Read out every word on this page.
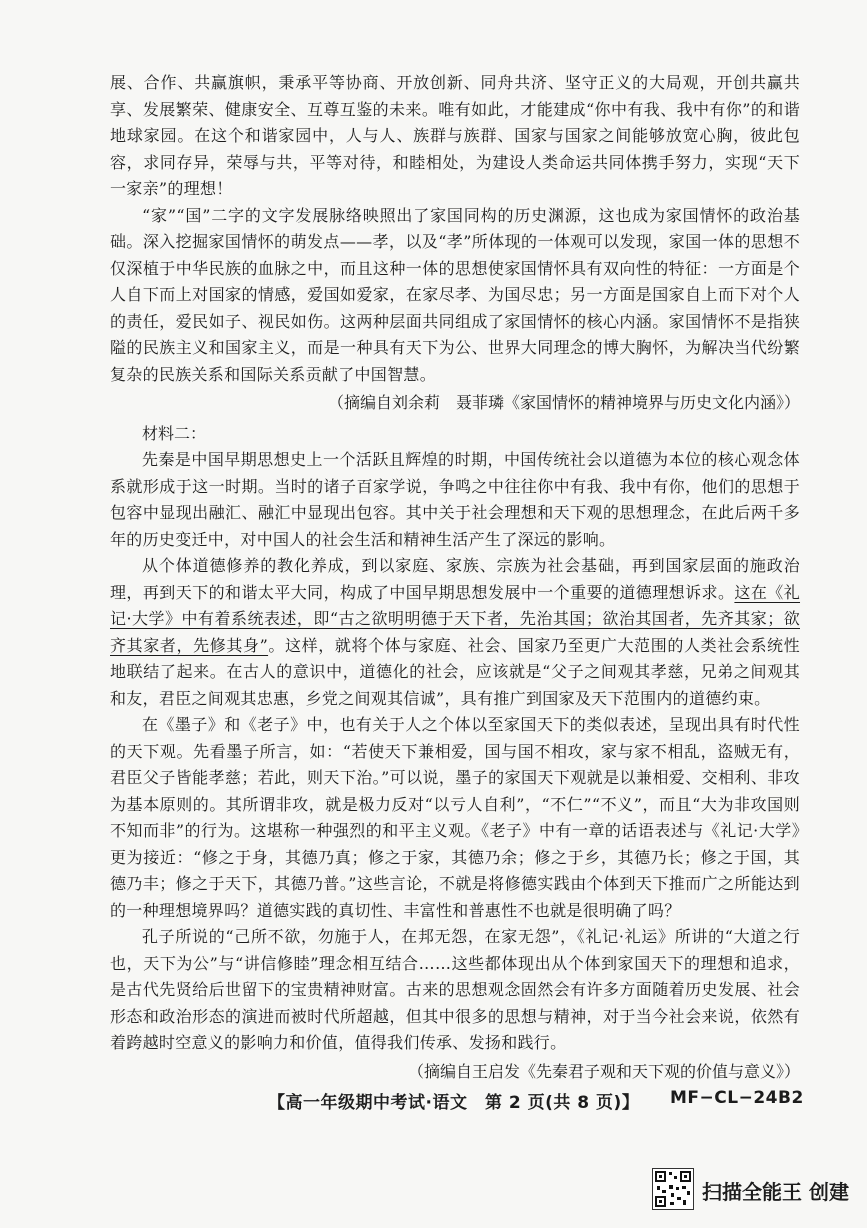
展、合作、共赢旗帜，秉承平等协商、开放创新、同舟共济、坚守正义的大局观，开创共赢共享、发展繁荣、健康安全、互尊互鉴的未来。唯有如此，才能建成“你中有我、我中有你”的和谐地球家园。在这个和谐家园中，人与人、族群与族群、国家与国家之间能够放宽心胸，彼此包容，求同存异，荣辱与共，平等对待，和睦相处，为建设人类命运共同体携手努力，实现“天下一家亲”的理想！

“家”“国”二字的文字发展脉络映照出了家国同构的历史渊源，这也成为家国情怀的政治基础。深入挖掘家国情怀的萌发点——孝，以及“孝”所体现的一体观可以发现，家国一体的思想不仅深植于中华民族的血脉之中，而且这种一体的思想使家国情怀具有双向性的特征：一方面是个人自下而上对国家的情感，爱国如爱家，在家尽孝、为国尽忠；另一方面是国家自上而下对个人的责任，爱民如子、视民如伤。这两种层面共同组成了家国情怀的核心内涵。家国情怀不是指狭隘的民族主义和国家主义，而是一种具有天下为公、世界大同理念的博大胸怀，为解决当代纷繁复杂的民族关系和国际关系贡献了中国智慧。

（摘编自刘余莉　聂菲璘《家国情怀的精神境界与历史文化内涵》）

材料二：

先秦是中国早期思想史上一个活跃且辉煌的时期，中国传统社会以道德为本位的核心观念体系就形成于这一时期。当时的诸子百家学说，争鸣之中往往你中有我、我中有你，他们的思想于包容中显现出融汇、融汇中显现出包容。其中关于社会理想和天下观的思想理念，在此后两千多年的历史变迁中，对中国人的社会生活和精神生活产生了深远的影响。

从个体道德修养的教化养成，到以家庭、家族、宗族为社会基础，再到国家层面的施政治理，再到天下的和谐太平大同，构成了中国早期思想发展中一个重要的道德理想诉求。这在《礼记·大学》中有着系统表述，即“古之欲明明德于天下者，先治其国；欲治其国者，先齐其家；欲齐其家者，先修其身”。这样，就将个体与家庭、社会、国家乃至更广大范围的人类社会系统性地联结了起来。在古人的意识中，道德化的社会，应该就是“父子之间观其孝慈，兄弟之间观其和友，君臣之间观其忠惠，乡党之间观其信诚”，具有推广到国家及天下范围内的道德约束。

在《墨子》和《老子》中，也有关于人之个体以至家国天下的类似表述，呈现出具有时代性的天下观。先看墨子所言，如：“若使天下兼相爱，国与国不相攻，家与家不相乱，盗贼无有，君臣父子皆能孝慈；若此，则天下治。”可以说，墨子的家国天下观就是以兼相爱、交相利、非攻为基本原则的。其所谓非攻，就是极力反对“以亏人自利”，“不仁”“不义”，而且“大为非攻国则不知而非”的行为。这堪称一种强烈的和平主义观。《老子》中有一章的话语表述与《礼记·大学》更为接近：“修之于身，其德乃真；修之于家，其德乃余；修之于乡，其德乃长；修之于国，其德乃丰；修之于天下，其德乃普。”这些言论，不就是将修德实践由个体到天下推而广之所能达到的一种理想境界吗？道德实践的真切性、丰富性和普惠性不也就是很明确了吗？

孔子所说的“己所不欲，勿施于人，在邦无怨，在家无怨”，《礼记·礼运》所讲的“大道之行也，天下为公”与“讲信修睦”理念相互结合……这些都体现出从个体到家国天下的理想和追求，是古代先贤给后世留下的宝贵精神财富。古来的思想观念固然会有许多方面随着历史发展、社会形态和政治形态的演进而被时代所超越，但其中很多的思想与精神，对于当今社会来说，依然有着跨越时空意义的影响力和价值，值得我们传承、发扬和践行。

（摘编自王启发《先秦君子观和天下观的价值与意义》）

【高一年级期中考试·语文　第 2 页(共 8 页)】 MF−CL−24B2
扫描全能王 创建
